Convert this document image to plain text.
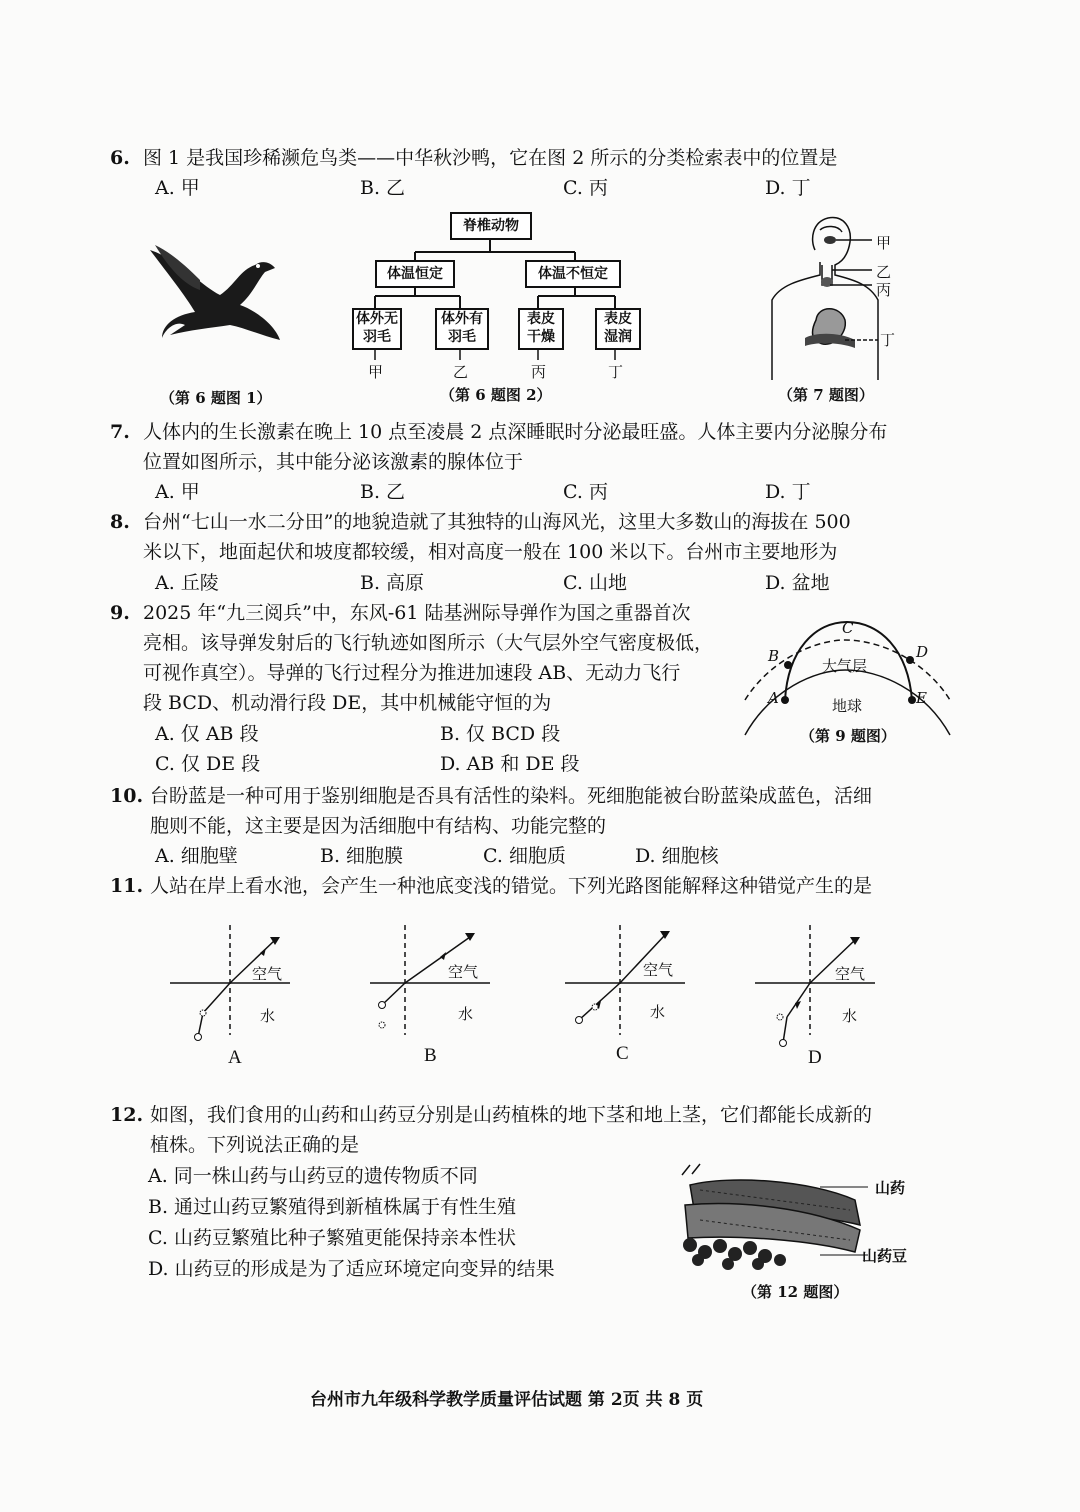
6. 图 1 是我国珍稀濒危鸟类——中华秋沙鸭，它在图 2 所示的分类检索表中的位置是
A. 甲	B. 乙	C. 丙	D. 丁
（第 6 题图 1）
脊椎动物
体温恒定	体温不恒定
体外无
羽毛
体外有
羽毛
表皮
干燥
表皮
湿润
甲	乙	丙	丁
（第 6 题图 2）
甲
乙
丙
丁
（第 7 题图）
7. 人体内的生长激素在晚上 10 点至凌晨 2 点深睡眠时分泌最旺盛。人体主要内分泌腺分布
位置如图所示，其中能分泌该激素的腺体位于
A. 甲	B. 乙	C. 丙	D. 丁
8. 台州“七山一水二分田”的地貌造就了其独特的山海风光，这里大多数山的海拔在 500
米以下，地面起伏和坡度都较缓，相对高度一般在 100 米以下。台州市主要地形为
A. 丘陵	B. 高原	C. 山地	D. 盆地
9. 2025 年“九三阅兵”中，东风-61 陆基洲际导弹作为国之重器首次
亮相。该导弹发射后的飞行轨迹如图所示（大气层外空气密度极低，
可视作真空）。导弹的飞行过程分为推进加速段 AB、无动力飞行
段 BCD、机动滑行段 DE，其中机械能守恒的为
A. 仅 AB 段	B. 仅 BCD 段
C. 仅 DE 段	D. AB 和 DE 段
A
B
C
D
E
大气层
地球
（第 9 题图）
10. 台盼蓝是一种可用于鉴别细胞是否具有活性的染料。死细胞能被台盼蓝染成蓝色，活细
胞则不能，这主要是因为活细胞中有结构、功能完整的
A. 细胞壁	B. 细胞膜	C. 细胞质	D. 细胞核
11. 人站在岸上看水池，会产生一种池底变浅的错觉。下列光路图能解释这种错觉产生的是
空气
水
空气
水
空气
水
空气
水
A	B	C	D
12. 如图，我们食用的山药和山药豆分别是山药植株的地下茎和地上茎，它们都能长成新的
植株。下列说法正确的是
A. 同一株山药与山药豆的遗传物质不同
B. 通过山药豆繁殖得到新植株属于有性生殖
C. 山药豆繁殖比种子繁殖更能保持亲本性状
D. 山药豆的形成是为了适应环境定向变异的结果
山药
山药豆
（第 12 题图）
台州市九年级科学教学质量评估试题 第 2页 共 8 页
